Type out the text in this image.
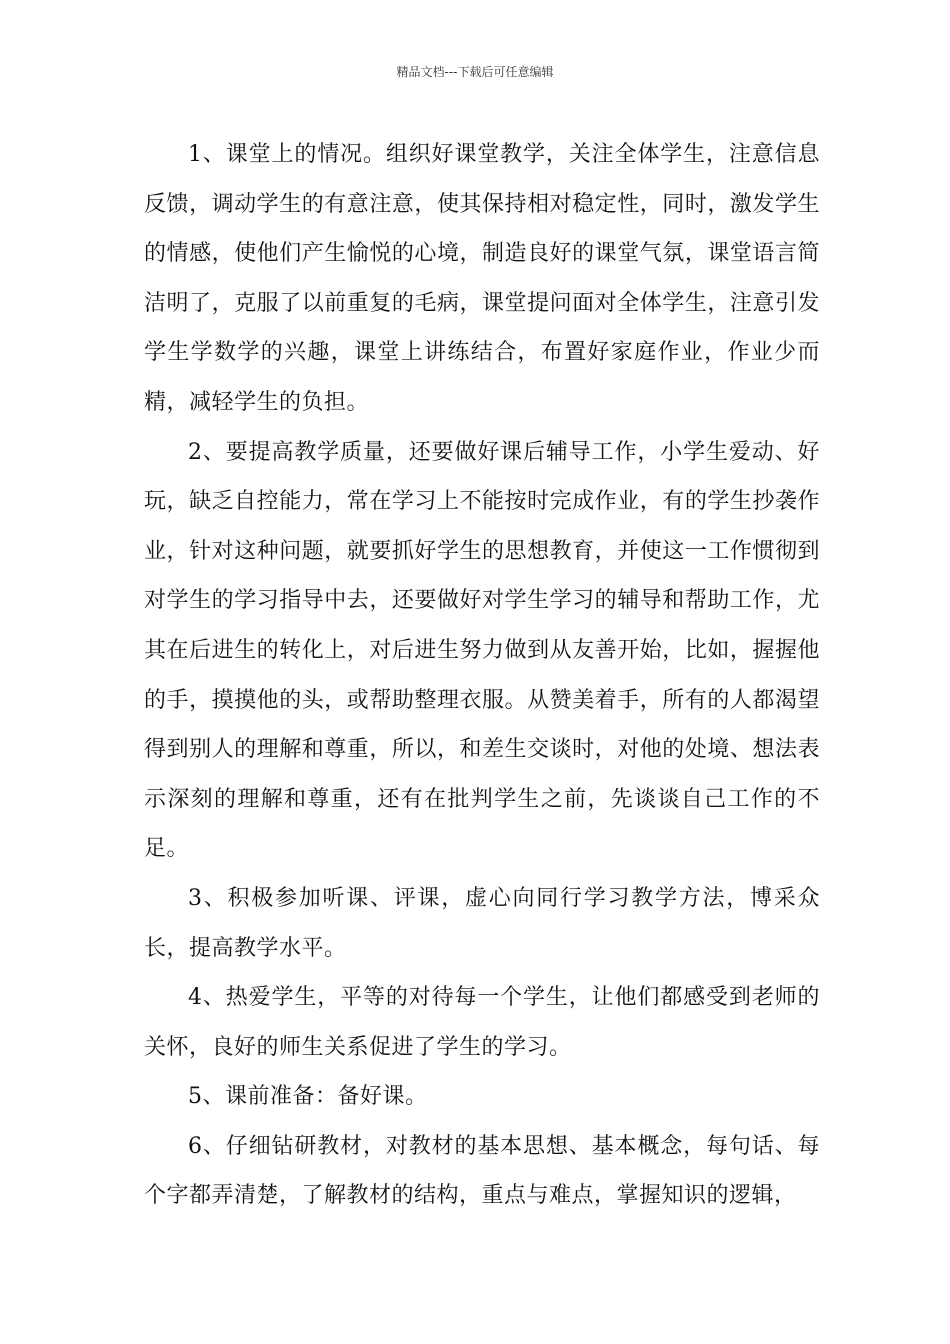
精品文档---下载后可任意编辑

1、课堂上的情况。组织好课堂教学，关注全体学生，注意信息反馈，调动学生的有意注意，使其保持相对稳定性，同时，激发学生的情感，使他们产生愉悦的心境，制造良好的课堂气氛，课堂语言简洁明了，克服了以前重复的毛病，课堂提问面对全体学生，注意引发学生学数学的兴趣，课堂上讲练结合，布置好家庭作业，作业少而精，减轻学生的负担。

2、要提高教学质量，还要做好课后辅导工作，小学生爱动、好玩，缺乏自控能力，常在学习上不能按时完成作业，有的学生抄袭作业，针对这种问题，就要抓好学生的思想教育，并使这一工作惯彻到对学生的学习指导中去，还要做好对学生学习的辅导和帮助工作，尤其在后进生的转化上，对后进生努力做到从友善开始，比如，握握他的手，摸摸他的头，或帮助整理衣服。从赞美着手，所有的人都渴望得到别人的理解和尊重，所以，和差生交谈时，对他的处境、想法表示深刻的理解和尊重，还有在批判学生之前，先谈谈自己工作的不足。

3、积极参加听课、评课，虚心向同行学习教学方法，博采众长，提高教学水平。

4、热爱学生，平等的对待每一个学生，让他们都感受到老师的关怀，良好的师生关系促进了学生的学习。

5、课前准备：备好课。

6、仔细钻研教材，对教材的基本思想、基本概念，每句话、每个字都弄清楚，了解教材的结构，重点与难点，掌握知识的逻辑，
